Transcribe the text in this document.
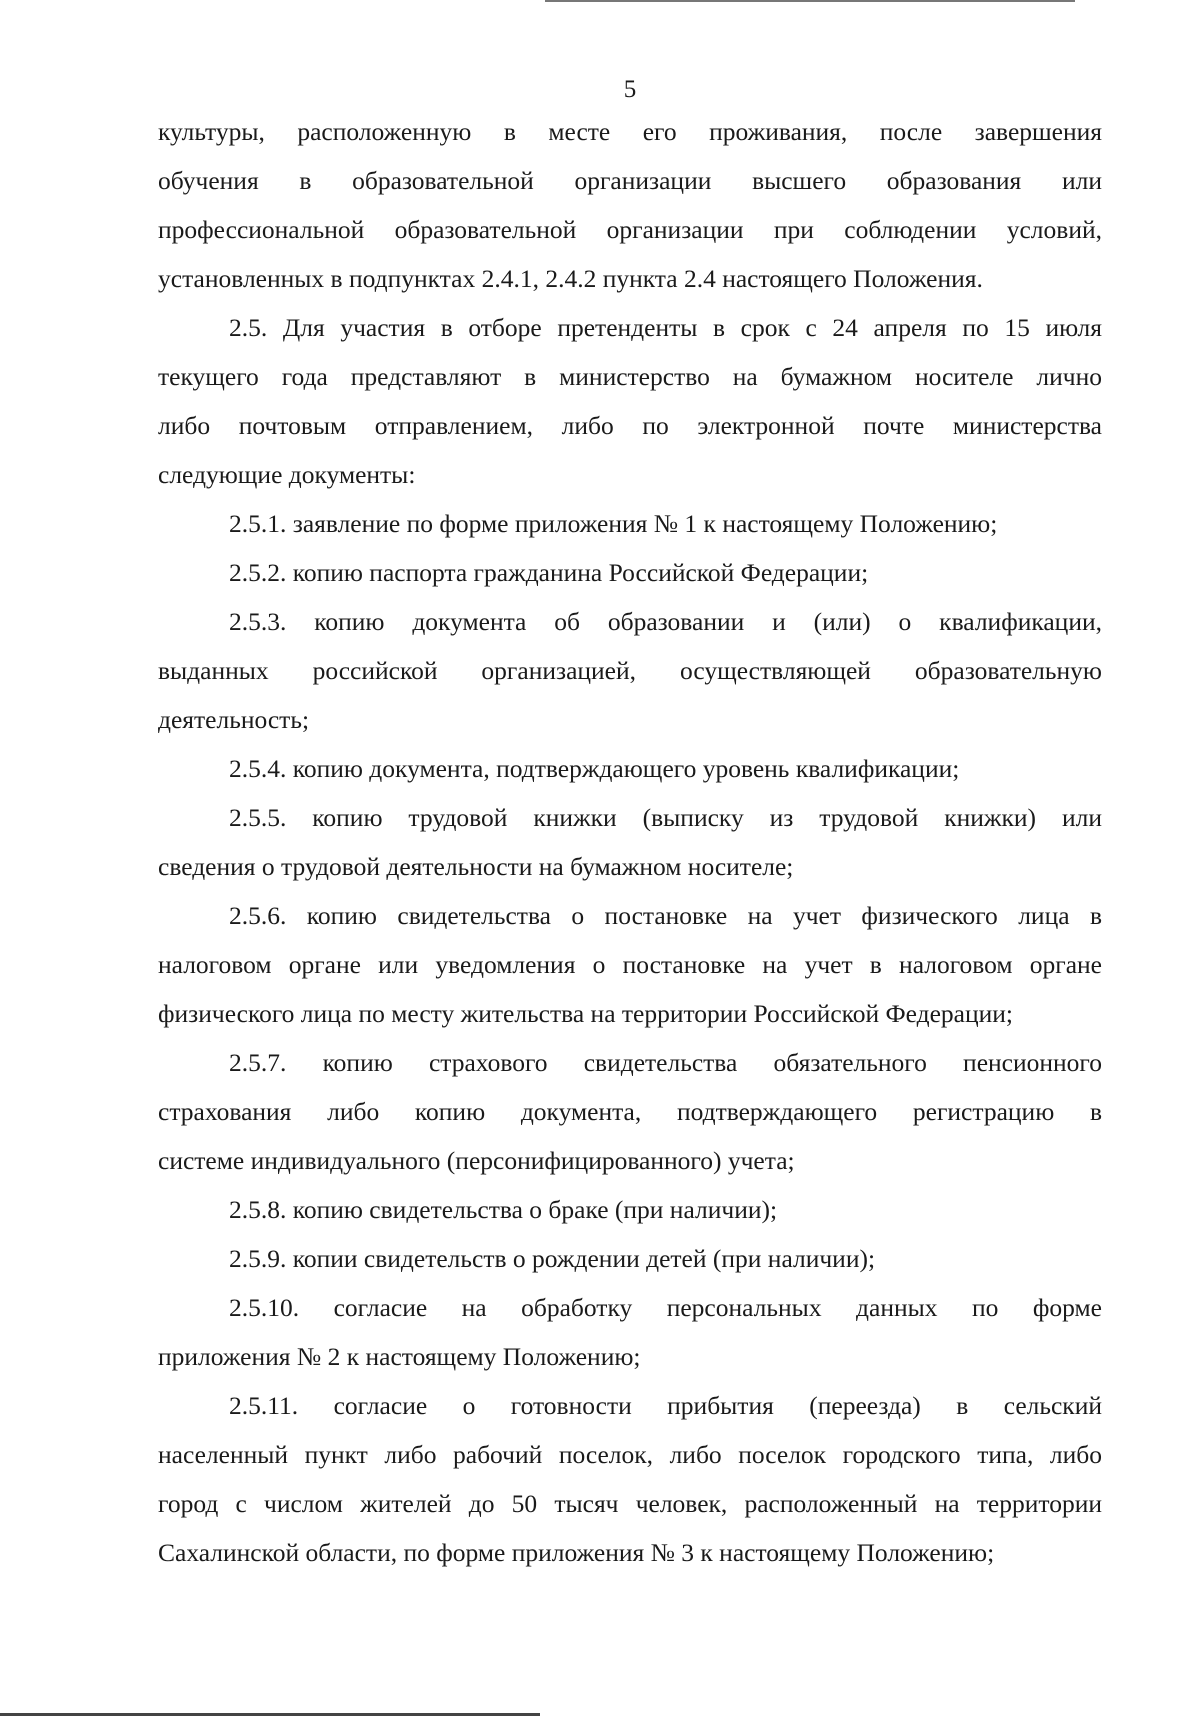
5
культуры, расположенную в месте его проживания, после завершения
обучения в образовательной организации высшего образования или
профессиональной образовательной организации при соблюдении условий,
установленных в подпунктах 2.4.1, 2.4.2 пункта 2.4 настоящего Положения.
2.5. Для участия в отборе претенденты в срок с 24 апреля по 15 июля
текущего года представляют в министерство на бумажном носителе лично
либо почтовым отправлением, либо по электронной почте министерства
следующие документы:
2.5.1. заявление по форме приложения № 1 к настоящему Положению;
2.5.2. копию паспорта гражданина Российской Федерации;
2.5.3. копию документа об образовании и (или) о квалификации,
выданных российской организацией, осуществляющей образовательную
деятельность;
2.5.4. копию документа, подтверждающего уровень квалификации;
2.5.5. копию трудовой книжки (выписку из трудовой книжки) или
сведения о трудовой деятельности на бумажном носителе;
2.5.6. копию свидетельства о постановке на учет физического лица в
налоговом органе или уведомления о постановке на учет в налоговом органе
физического лица по месту жительства на территории Российской Федерации;
2.5.7. копию страхового свидетельства обязательного пенсионного
страхования либо копию документа, подтверждающего регистрацию в
системе индивидуального (персонифицированного) учета;
2.5.8. копию свидетельства о браке (при наличии);
2.5.9. копии свидетельств о рождении детей (при наличии);
2.5.10. согласие на обработку персональных данных по форме
приложения № 2 к настоящему Положению;
2.5.11. согласие о готовности прибытия (переезда) в сельский
населенный пункт либо рабочий поселок, либо поселок городского типа, либо
город с числом жителей до 50 тысяч человек, расположенный на территории
Сахалинской области, по форме приложения № 3 к настоящему Положению;
